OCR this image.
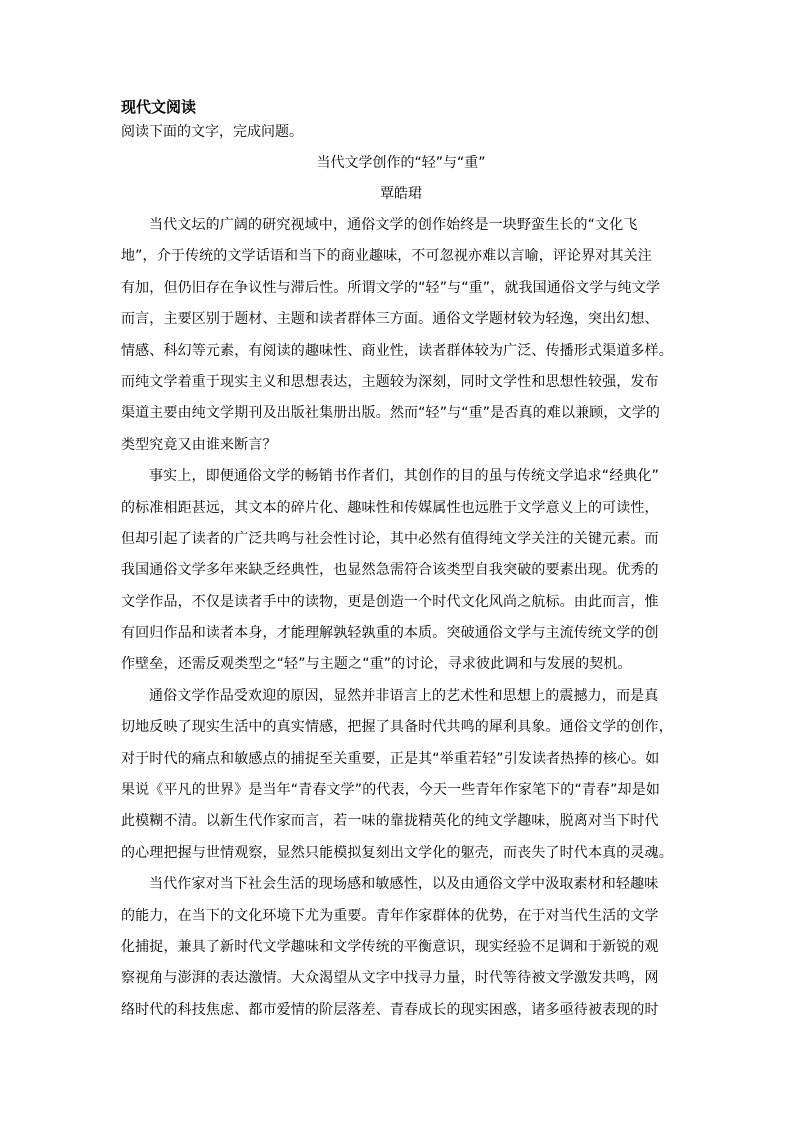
现代文阅读

阅读下面的文字，完成问题。

当代文学创作的“轻”与“重”

覃皓珺

当代文坛的广阔的研究视域中，通俗文学的创作始终是一块野蛮生长的“文化飞
地”，介于传统的文学话语和当下的商业趣味，不可忽视亦难以言喻，评论界对其关注
有加，但仍旧存在争议性与滞后性。所谓文学的“轻”与“重”，就我国通俗文学与纯文学
而言，主要区别于题材、主题和读者群体三方面。通俗文学题材较为轻逸，突出幻想、
情感、科幻等元素，有阅读的趣味性、商业性，读者群体较为广泛、传播形式渠道多样。
而纯文学着重于现实主义和思想表达，主题较为深刻，同时文学性和思想性较强，发布
渠道主要由纯文学期刊及出版社集册出版。然而“轻”与“重”是否真的难以兼顾，文学的
类型究竟又由谁来断言？
事实上，即便通俗文学的畅销书作者们，其创作的目的虽与传统文学追求“经典化”
的标准相距甚远，其文本的碎片化、趣味性和传媒属性也远胜于文学意义上的可读性，
但却引起了读者的广泛共鸣与社会性讨论，其中必然有值得纯文学关注的关键元素。而
我国通俗文学多年来缺乏经典性，也显然急需符合该类型自我突破的要素出现。优秀的
文学作品，不仅是读者手中的读物，更是创造一个时代文化风尚之航标。由此而言，惟
有回归作品和读者本身，才能理解孰轻孰重的本质。突破通俗文学与主流传统文学的创
作壁垒，还需反观类型之“轻”与主题之“重”的讨论，寻求彼此调和与发展的契机。
通俗文学作品受欢迎的原因，显然并非语言上的艺术性和思想上的震撼力，而是真
切地反映了现实生活中的真实情感，把握了具备时代共鸣的犀利具象。通俗文学的创作，
对于时代的痛点和敏感点的捕捉至关重要，正是其“举重若轻”引发读者热捧的核心。如
果说《平凡的世界》是当年“青春文学”的代表，今天一些青年作家笔下的“青春”却是如
此模糊不清。以新生代作家而言，若一味的靠拢精英化的纯文学趣味，脱离对当下时代
的心理把握与世情观察，显然只能模拟复刻出文学化的躯壳，而丧失了时代本真的灵魂。
当代作家对当下社会生活的现场感和敏感性，以及由通俗文学中汲取素材和轻趣味
的能力，在当下的文化环境下尤为重要。青年作家群体的优势，在于对当代生活的文学
化捕捉，兼具了新时代文学趣味和文学传统的平衡意识，现实经验不足调和于新锐的观
察视角与澎湃的表达激情。大众渴望从文字中找寻力量，时代等待被文学激发共鸣，网
络时代的科技焦虑、都市爱情的阶层落差、青春成长的现实困惑，诸多亟待被表现的时
